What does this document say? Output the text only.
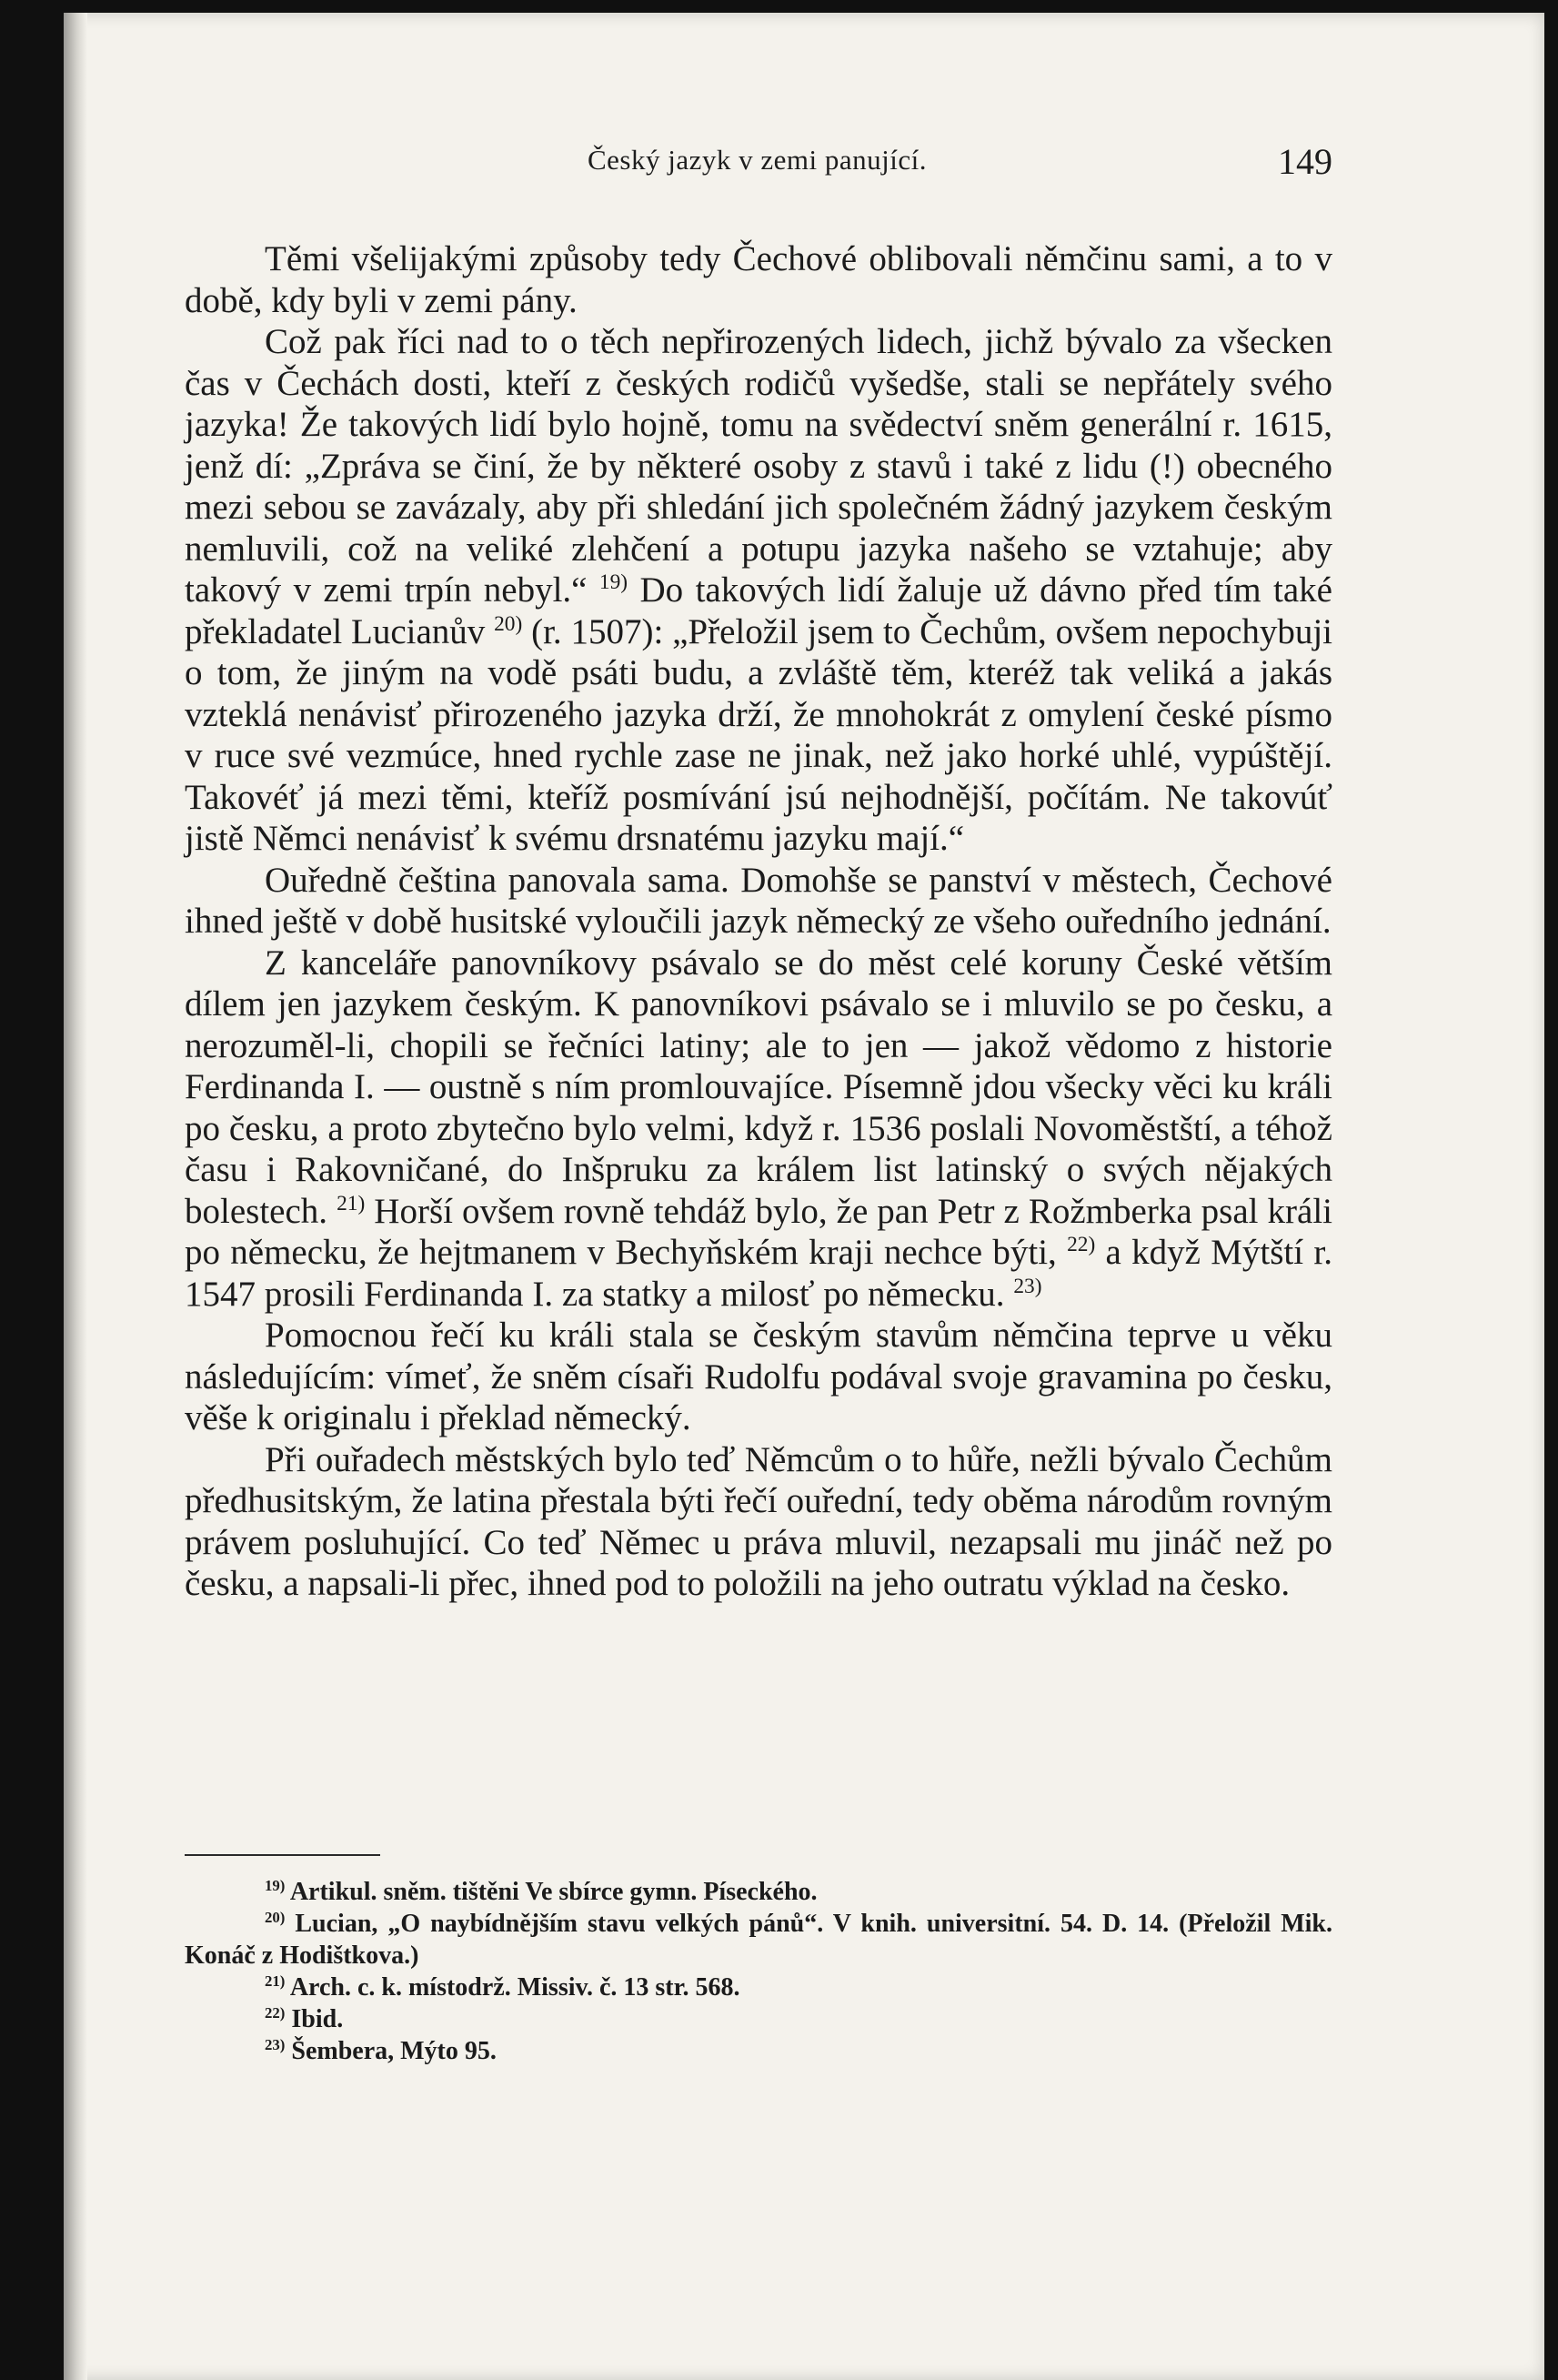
Český jazyk v zemi panující.	149

Těmi všelijakými způsoby tedy Čechové oblibovali němčinu sami, a to v době, kdy byli v zemi pány.

Což pak říci nad to o těch nepřirozených lidech, jichž bývalo za všecken čas v Čechách dosti, kteří z českých rodičů vyšedše, stali se nepřátely svého jazyka! Že takových lidí bylo hojně, tomu na svědectví sněm generální r. 1615, jenž dí: „Zpráva se činí, že by některé osoby z stavů i také z lidu (!) obecného mezi sebou se zavázaly, aby při shledání jich společném žádný jazykem českým nemluvili, což na veliké zlehčení a potupu jazyka našeho se vztahuje; aby takový v zemi trpín nebyl.“ $^{19)}$ Do takových lidí žaluje už dávno před tím také překladatel Lucianův $^{20)}$ (r. 1507): „Přeložil jsem to Čechům, ovšem nepochybuji o tom, že jiným na vodě psáti budu, a zvláště těm, kteréž tak veliká a jakás vzteklá nenávisť přirozeného jazyka drží, že mnohokrát z omylení české písmo v ruce své vezmúce, hned rychle zase ne jinak, než jako horké uhlé, vypúštějí. Takovéť já mezi těmi, kteříž posmívání jsú nejhodnější, počítám. Ne takovúť jistě Němci nenávisť k svému drsnatému jazyku mají.“

Ouředně čeština panovala sama. Domohše se panství v městech, Čechové ihned ještě v době husitské vyloučili jazyk německý ze všeho ouředního jednání.

Z kanceláře panovníkovy psávalo se do měst celé koruny České větším dílem jen jazykem českým. K panovníkovi psávalo se i mluvilo se po česku, a nerozuměl-li, chopili se řečníci latiny; ale to jen — jakož vědomo z historie Ferdinanda I. — oustně s ním promlouvajíce. Písemně jdou všecky věci ku králi po česku, a proto zbytečno bylo velmi, když r. 1536 poslali Novoměstští, a téhož času i Rakovničané, do Inšpruku za králem list latinský o svých nějakých bolestech. $^{21)}$ Horší ovšem rovně tehdáž bylo, že pan Petr z Rožmberka psal králi po německu, že hejtmanem v Bechyňském kraji nechce býti, $^{22)}$ a když Mýtští r. 1547 prosili Ferdinanda I. za statky a milosť po německu. $^{23)}$

Pomocnou řečí ku králi stala se českým stavům němčina teprve u věku následujícím: vímeť, že sněm císaři Rudolfu podával svoje gravamina po česku, věše k originalu i překlad německý.

Při ouřadech městských bylo teď Němcům o to hůře, nežli bývalo Čechům předhusitským, že latina přestala býti řečí ouřední, tedy oběma národům rovným právem posluhující. Co teď Němec u práva mluvil, nezapsali mu jináč než po česku, a napsali-li přec, ihned pod to položili na jeho outratu výklad na česko.

$^{19)}$ Artikul. sněm. tištěni Ve sbírce gymn. Píseckého.
$^{20)}$ Lucian, „O naybídnějším stavu velkých pánů“. V knih. universitní. 54. D. 14. (Přeložil Mik. Konáč z Hodištkova.)
$^{21)}$ Arch. c. k. místodrž. Missiv. č. 13 str. 568.
$^{22)}$ Ibid.
$^{23)}$ Šembera, Mýto 95.
